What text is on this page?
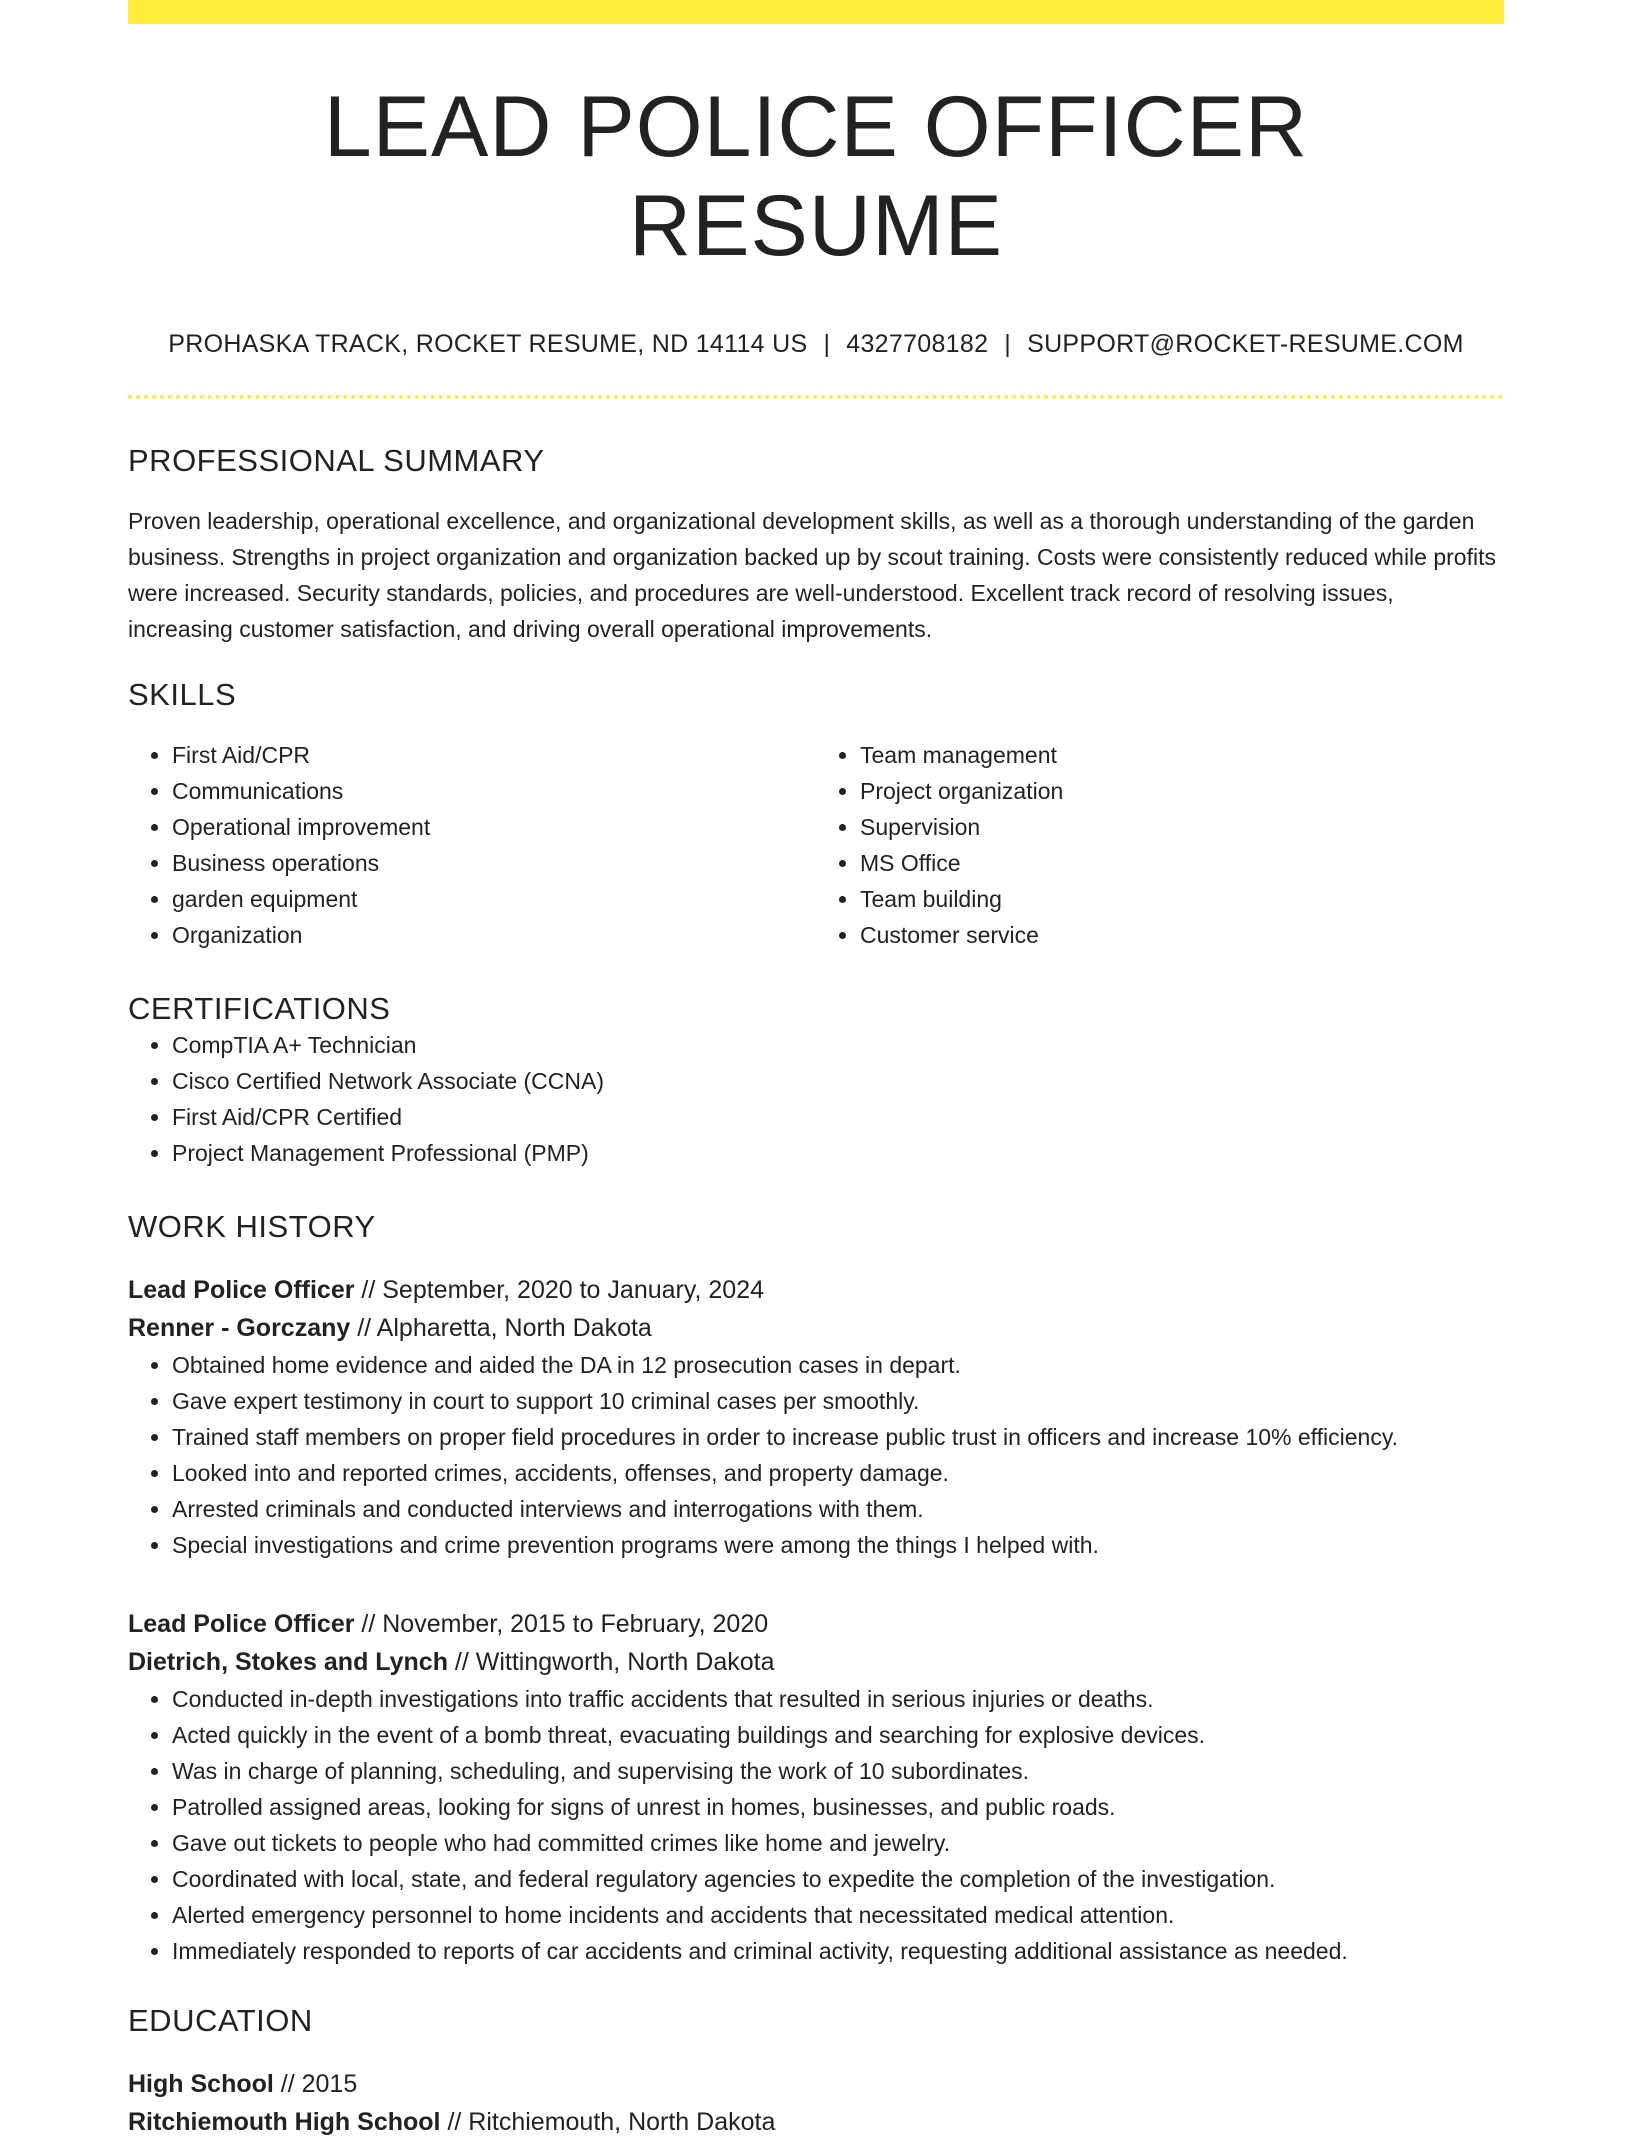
LEAD POLICE OFFICER RESUME
PROHASKA TRACK, ROCKET RESUME, ND 14114 US | 4327708182 | SUPPORT@ROCKET-RESUME.COM
PROFESSIONAL SUMMARY
Proven leadership, operational excellence, and organizational development skills, as well as a thorough understanding of the garden business. Strengths in project organization and organization backed up by scout training. Costs were consistently reduced while profits were increased. Security standards, policies, and procedures are well-understood. Excellent track record of resolving issues, increasing customer satisfaction, and driving overall operational improvements.
SKILLS
• First Aid/CPR
• Communications
• Operational improvement
• Business operations
• garden equipment
• Organization
• Team management
• Project organization
• Supervision
• MS Office
• Team building
• Customer service
CERTIFICATIONS
• CompTIA A+ Technician
• Cisco Certified Network Associate (CCNA)
• First Aid/CPR Certified
• Project Management Professional (PMP)
WORK HISTORY
Lead Police Officer // September, 2020 to January, 2024
Renner - Gorczany // Alpharetta, North Dakota
• Obtained home evidence and aided the DA in 12 prosecution cases in depart.
• Gave expert testimony in court to support 10 criminal cases per smoothly.
• Trained staff members on proper field procedures in order to increase public trust in officers and increase 10% efficiency.
• Looked into and reported crimes, accidents, offenses, and property damage.
• Arrested criminals and conducted interviews and interrogations with them.
• Special investigations and crime prevention programs were among the things I helped with.
Lead Police Officer // November, 2015 to February, 2020
Dietrich, Stokes and Lynch // Wittingworth, North Dakota
• Conducted in-depth investigations into traffic accidents that resulted in serious injuries or deaths.
• Acted quickly in the event of a bomb threat, evacuating buildings and searching for explosive devices.
• Was in charge of planning, scheduling, and supervising the work of 10 subordinates.
• Patrolled assigned areas, looking for signs of unrest in homes, businesses, and public roads.
• Gave out tickets to people who had committed crimes like home and jewelry.
• Coordinated with local, state, and federal regulatory agencies to expedite the completion of the investigation.
• Alerted emergency personnel to home incidents and accidents that necessitated medical attention.
• Immediately responded to reports of car accidents and criminal activity, requesting additional assistance as needed.
EDUCATION
High School // 2015
Ritchiemouth High School // Ritchiemouth, North Dakota
